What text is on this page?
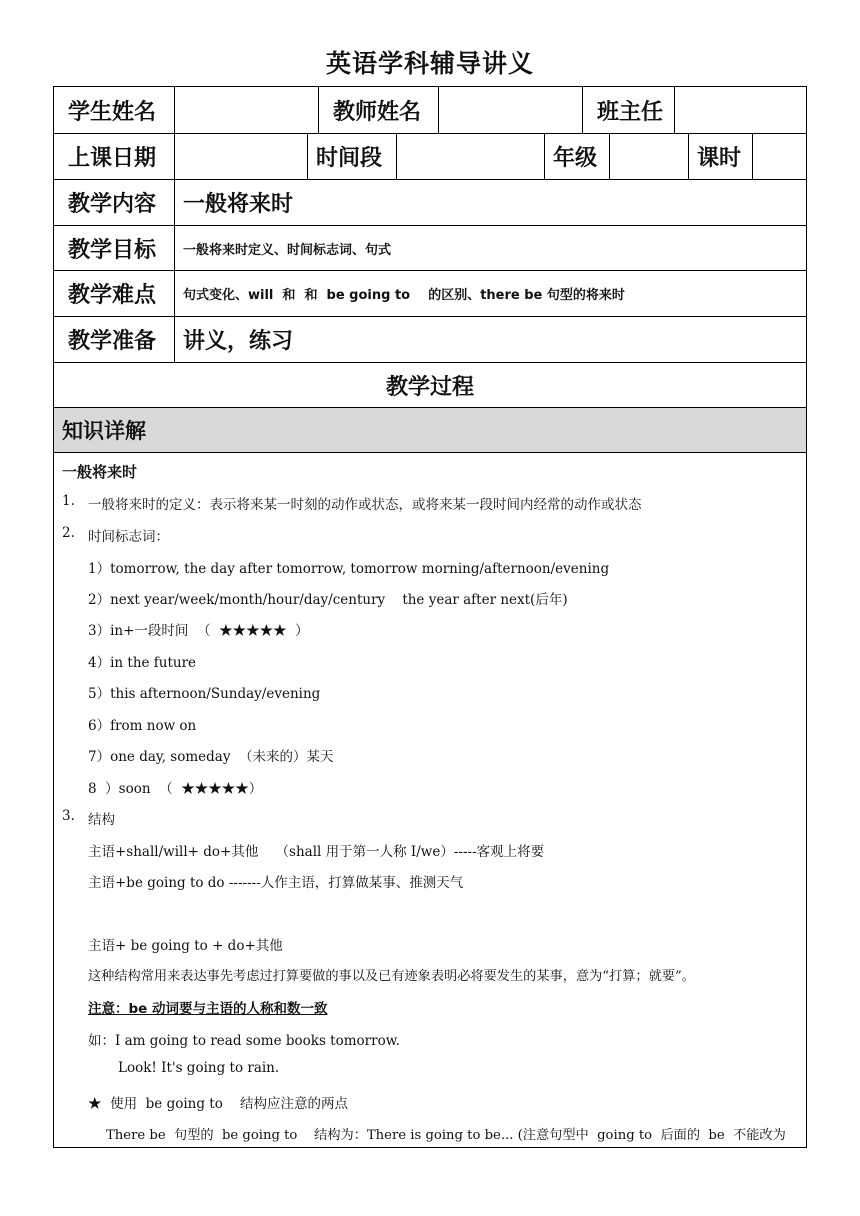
英语学科辅导讲义
学生姓名	教师姓名	班主任
上课日期	时间段	年级	课时
教学内容	一般将来时
教学目标	一般将来时定义、时间标志词、句式
教学难点	句式变化、will  和  和  be going to    的区别、there be 句型的将来时
教学准备	讲义，练习
教学过程
知识详解
一般将来时
1. 一般将来时的定义：表示将来某一时刻的动作或状态，或将来某一段时间内经常的动作或状态
2. 时间标志词：
1）tomorrow, the day after tomorrow, tomorrow morning/afternoon/evening
2）next year/week/month/hour/day/century    the year after next(后年)
3）in+一段时间  （  ★★★★★  ）
4）in the future
5）this afternoon/Sunday/evening
6）from now on
7）one day, someday  （未来的）某天
8  ）soon  （  ★★★★★）
3. 结构
主语+shall/will+ do+其他    （shall 用于第一人称 I/we）-----客观上将要
主语+be going to do -------人作主语，打算做某事、推测天气
主语+ be going to + do+其他
这种结构常用来表达事先考虑过打算要做的事以及已有迹象表明必将要发生的某事，意为“打算；就要”。
注意：be 动词要与主语的人称和数一致
如：I am going to read some books tomorrow.
Look! It's going to rain.
★  使用  be going to    结构应注意的两点
There be  句型的  be going to    结构为：There is going to be... (注意句型中  going to  后面的  be  不能改为
